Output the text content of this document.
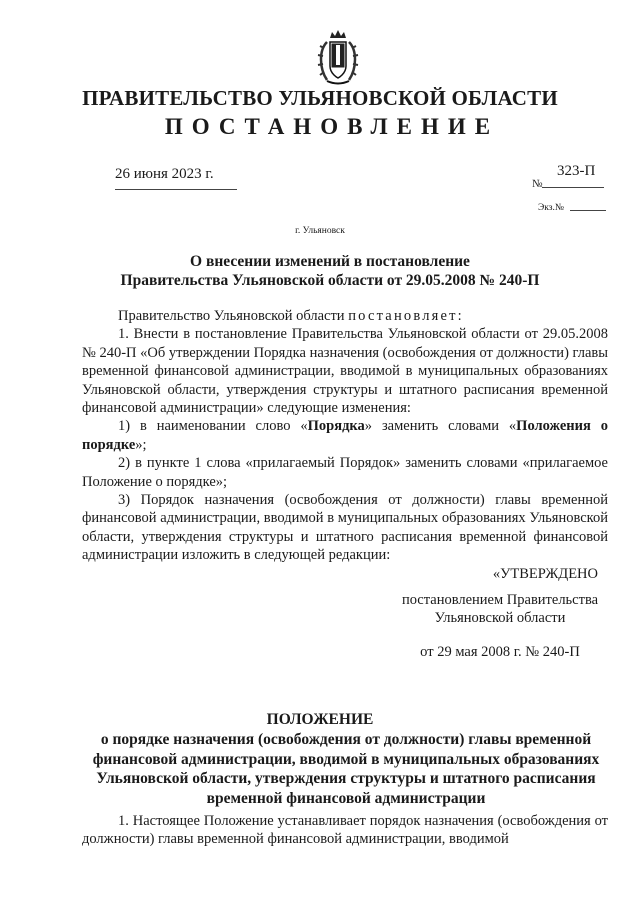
ПРАВИТЕЛЬСТВО УЛЬЯНОВСКОЙ ОБЛАСТИ
ПОСТАНОВЛЕНИЕ
26 июня 2023 г.	323-П
№
Экз.№
г. Ульяновск
О внесении изменений в постановление
Правительства Ульяновской области от 29.05.2008 № 240-П

Правительство Ульяновской области постановляет:

1. Внести в постановление Правительства Ульяновской области от 29.05.2008 № 240-П «Об утверждении Порядка назначения (освобождения от должности) главы временной финансовой администрации, вводимой в муниципальных образованиях Ульяновской области, утверждения структуры и штатного расписания временной финансовой администрации» следующие изменения:

1) в наименовании слово «Порядка» заменить словами «Положения о порядке»;

2) в пункте 1 слова «прилагаемый Порядок» заменить словами «прилагаемое Положение о порядке»;

3) Порядок назначения (освобождения от должности) главы временной финансовой администрации, вводимой в муниципальных образованиях Ульяновской области, утверждения структуры и штатного расписания временной финансовой администрации изложить в следующей редакции:

«УТВЕРЖДЕНО

постановлением Правительства
Ульяновской области
от 29 мая 2008 г. № 240-П
ПОЛОЖЕНИЕ
о порядке назначения (освобождения от должности) главы временной
финансовой администрации, вводимой в муниципальных образованиях
Ульяновской области, утверждения структуры и штатного расписания
временной финансовой администрации

1. Настоящее Положение устанавливает порядок назначения (освобождения от должности) главы временной финансовой администрации, вводимой
